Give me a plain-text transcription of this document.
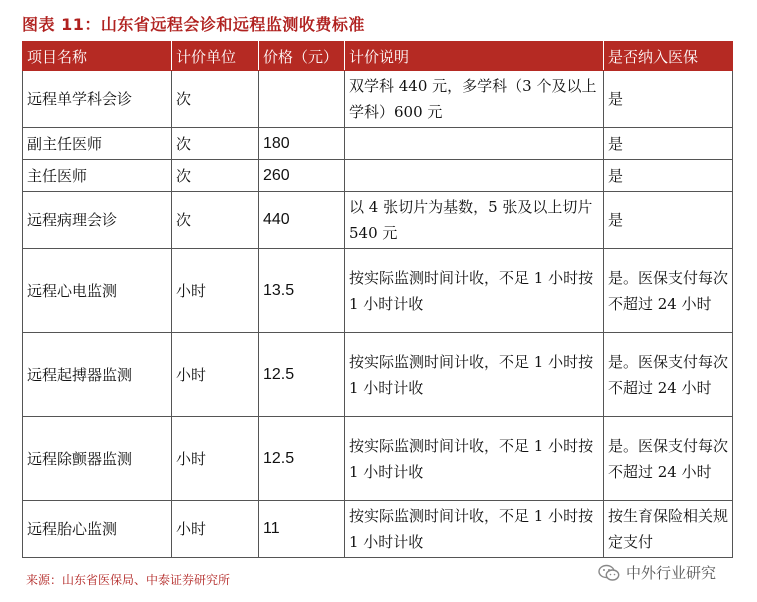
图表 11：山东省远程会诊和远程监测收费标准
项目名称	计价单位	价格（元）	计价说明	是否纳入医保
远程单学科会诊	次		双学科 440 元，多学科（3 个及以上学科）600 元	是
副主任医师	次	180		是
主任医师	次	260		是
远程病理会诊	次	440	以 4 张切片为基数，5 张及以上切片 540 元	是
远程心电监测	小时	13.5	按实际监测时间计收，不足 1 小时按 1 小时计收	是。医保支付每次不超过 24 小时
远程起搏器监测	小时	12.5	按实际监测时间计收，不足 1 小时按 1 小时计收	是。医保支付每次不超过 24 小时
远程除颤器监测	小时	12.5	按实际监测时间计收，不足 1 小时按 1 小时计收	是。医保支付每次不超过 24 小时
远程胎心监测	小时	11	按实际监测时间计收，不足 1 小时按 1 小时计收	按生育保险相关规定支付
来源：山东省医保局、中泰证券研究所	中外行业研究
